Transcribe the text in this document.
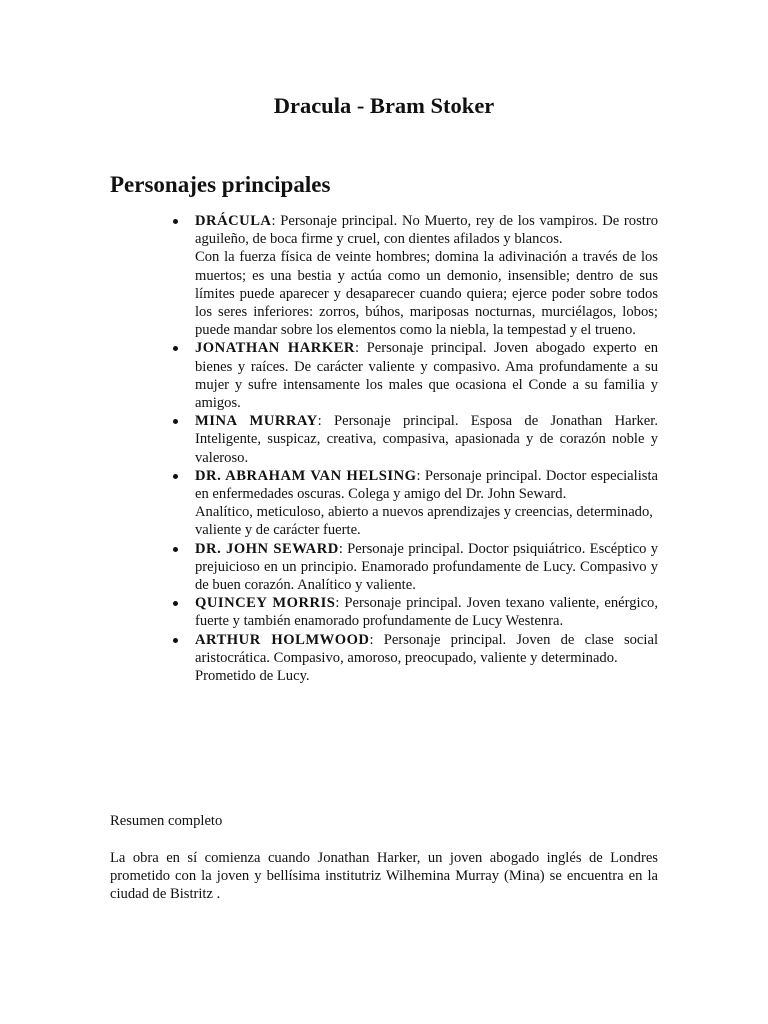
Dracula - Bram Stoker
Personajes principales
DRÁCULA: Personaje principal. No Muerto, rey de los vampiros. De rostro aguileño, de boca firme y cruel, con dientes afilados y blancos.
Con la fuerza física de veinte hombres; domina la adivinación a través de los muertos; es una bestia y actúa como un demonio, insensible; dentro de sus límites puede aparecer y desaparecer cuando quiera; ejerce poder sobre todos los seres inferiores: zorros, búhos, mariposas nocturnas, murciélagos, lobos; puede mandar sobre los elementos como la niebla, la tempestad y el trueno.
JONATHAN HARKER: Personaje principal. Joven abogado experto en bienes y raíces. De carácter valiente y compasivo. Ama profundamente a su mujer y sufre intensamente los males que ocasiona el Conde a su familia y amigos.
MINA MURRAY: Personaje principal. Esposa de Jonathan Harker. Inteligente, suspicaz, creativa, compasiva, apasionada y de corazón noble y valeroso.
DR. ABRAHAM VAN HELSING: Personaje principal. Doctor especialista en enfermedades oscuras. Colega y amigo del Dr. John Seward.
Analítico, meticuloso, abierto a nuevos aprendizajes y creencias, determinado,
valiente y de carácter fuerte.
DR. JOHN SEWARD: Personaje principal. Doctor psiquiátrico. Escéptico y prejuicioso en un principio. Enamorado profundamente de Lucy. Compasivo y de buen corazón. Analítico y valiente.
QUINCEY MORRIS: Personaje principal. Joven texano valiente, enérgico, fuerte y también enamorado profundamente de Lucy Westenra.
ARTHUR HOLMWOOD: Personaje principal. Joven de clase social aristocrática. Compasivo, amoroso, preocupado, valiente y determinado.
Prometido de Lucy.

Resumen completo

La obra en sí comienza cuando Jonathan Harker, un joven abogado inglés de Londres prometido con la joven y bellísima institutriz Wilhemina Murray (Mina) se encuentra en la ciudad de Bistritz .
